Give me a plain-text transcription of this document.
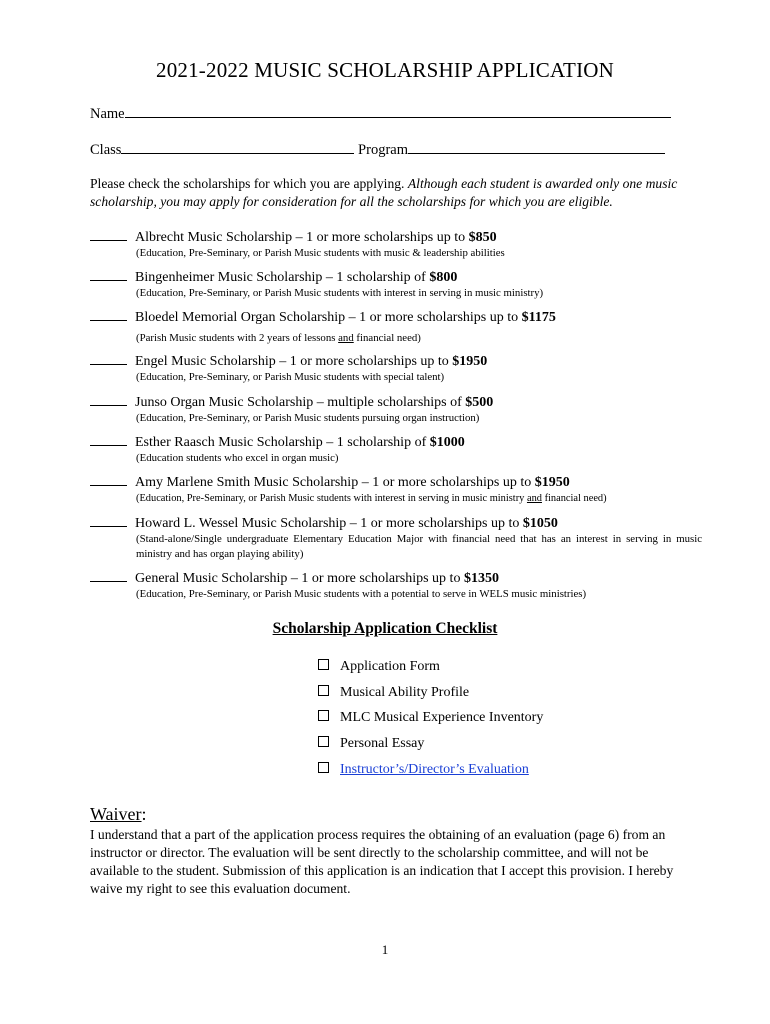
2021-2022 MUSIC SCHOLARSHIP APPLICATION
Name
Class	Program
Please check the scholarships for which you are applying. Although each student is awarded only one music scholarship, you may apply for consideration for all the scholarships for which you are eligible.
Albrecht Music Scholarship – 1 or more scholarships up to $850
(Education, Pre-Seminary, or Parish Music students with music & leadership abilities
Bingenheimer Music Scholarship – 1 scholarship of $800
(Education, Pre-Seminary, or Parish Music students with interest in serving in music ministry)
Bloedel Memorial Organ Scholarship – 1 or more scholarships up to $1175
(Parish Music students with 2 years of lessons and financial need)
Engel Music Scholarship – 1 or more scholarships up to $1950
(Education, Pre-Seminary, or Parish Music students with special talent)
Junso Organ Music Scholarship – multiple scholarships of $500
(Education, Pre-Seminary, or Parish Music students pursuing organ instruction)
Esther Raasch Music Scholarship – 1 scholarship of $1000
(Education students who excel in organ music)
Amy Marlene Smith Music Scholarship – 1 or more scholarships up to $1950
(Education, Pre-Seminary, or Parish Music students with interest in serving in music ministry and financial need)
Howard L. Wessel Music Scholarship – 1 or more scholarships up to $1050
(Stand-alone/Single undergraduate Elementary Education Major with financial need that has an interest in serving in music ministry and has organ playing ability)
General Music Scholarship – 1 or more scholarships up to $1350
(Education, Pre-Seminary, or Parish Music students with a potential to serve in WELS music ministries)
Scholarship Application Checklist
Application Form
Musical Ability Profile
MLC Musical Experience Inventory
Personal Essay
Instructor’s/Director’s Evaluation
Waiver:
I understand that a part of the application process requires the obtaining of an evaluation (page 6) from an instructor or director. The evaluation will be sent directly to the scholarship committee, and will not be available to the student. Submission of this application is an indication that I accept this provision. I hereby waive my right to see this evaluation document.
1
